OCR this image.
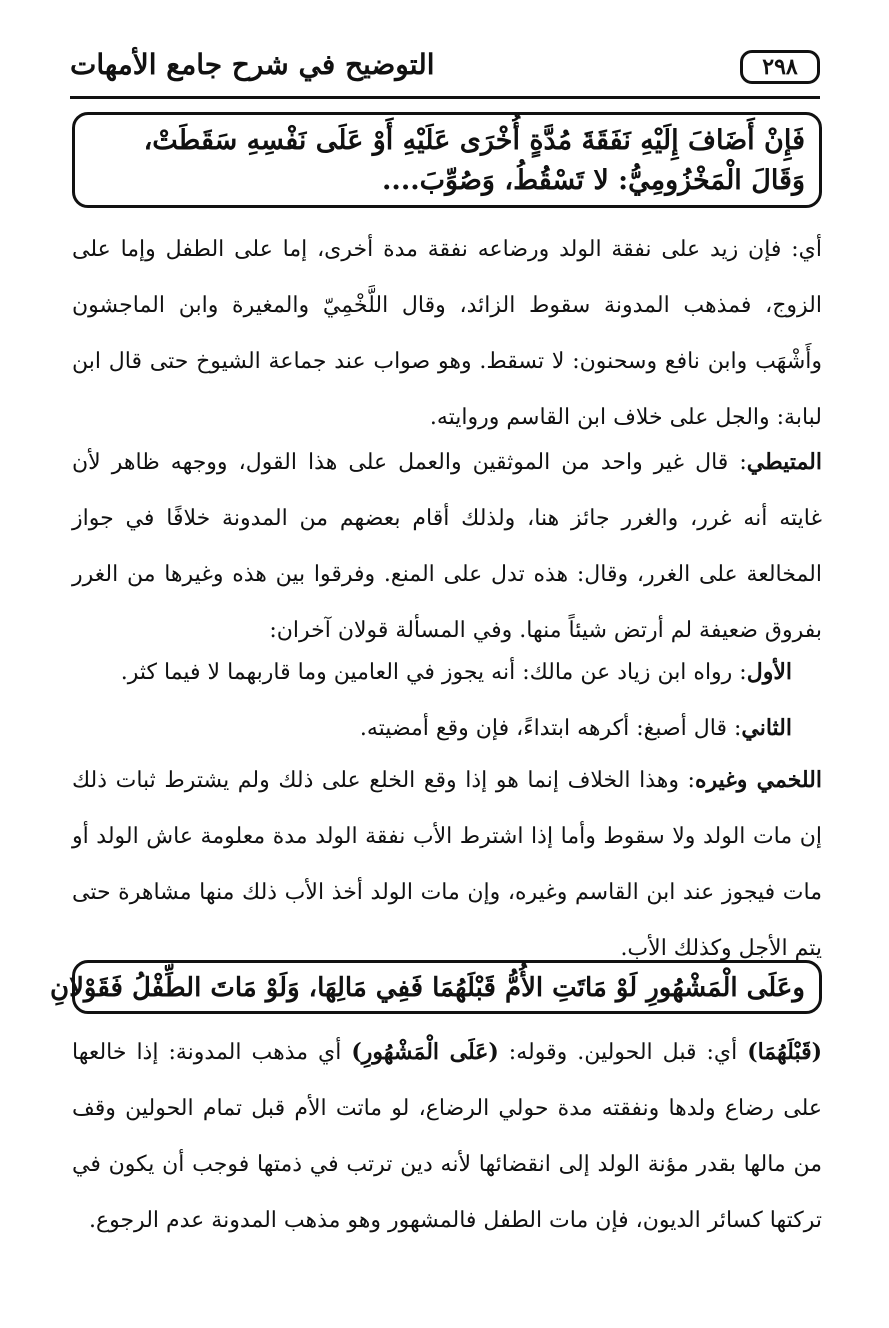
٢٩٨
التوضيح في شرح جامع الأمهات
فَإِنْ أَضَافَ إِلَيْهِ نَفَقَةَ مُدَّةٍ أُخْرَى عَلَيْهِ أَوْ عَلَى نَفْسِهِ سَقَطَتْ، وَقَالَ الْمَخْزُومِيُّ: لا تَسْقُطُ، وَصُوِّبَ....
أي: فإن زيد على نفقة الولد ورضاعه نفقة مدة أخرى، إما على الطفل وإما على الزوج، فمذهب المدونة سقوط الزائد، وقال اللَّخْمِيّ والمغيرة وابن الماجشون وأَشْهَب وابن نافع وسحنون: لا تسقط. وهو صواب عند جماعة الشيوخ حتى قال ابن لبابة: والجل على خلاف ابن القاسم وروايته.
المتيطي: قال غير واحد من الموثقين والعمل على هذا القول، ووجهه ظاهر لأن غايته أنه غرر، والغرر جائز هنا، ولذلك أقام بعضهم من المدونة خلافًا في جواز المخالعة على الغرر، وقال: هذه تدل على المنع. وفرقوا بين هذه وغيرها من الغرر بفروق ضعيفة لم أرتض شيئاً منها. وفي المسألة قولان آخران:
الأول: رواه ابن زياد عن مالك: أنه يجوز في العامين وما قاربهما لا فيما كثر.
الثاني: قال أصبغ: أكرهه ابتداءً، فإن وقع أمضيته.
اللخمي وغيره: وهذا الخلاف إنما هو إذا وقع الخلع على ذلك ولم يشترط ثبات ذلك إن مات الولد ولا سقوط وأما إذا اشترط الأب نفقة الولد مدة معلومة عاش الولد أو مات فيجوز عند ابن القاسم وغيره، وإن مات الولد أخذ الأب ذلك منها مشاهرة حتى يتم الأجل وكذلك الأب.
وعَلَى الْمَشْهُورِ لَوْ مَاتَتِ الأُمُّ قَبْلَهُمَا فَفِي مَالِهَا، وَلَوْ مَاتَ الطِّفْلُ فَقَوْلانِ
(قَبْلَهُمَا) أي: قبل الحولين. وقوله: (عَلَى الْمَشْهُورِ) أي مذهب المدونة: إذا خالعها على رضاع ولدها ونفقته مدة حولي الرضاع، لو ماتت الأم قبل تمام الحولين وقف من مالها بقدر مؤنة الولد إلى انقضائها لأنه دين ترتب في ذمتها فوجب أن يكون في تركتها كسائر الديون، فإن مات الطفل فالمشهور وهو مذهب المدونة عدم الرجوع.
